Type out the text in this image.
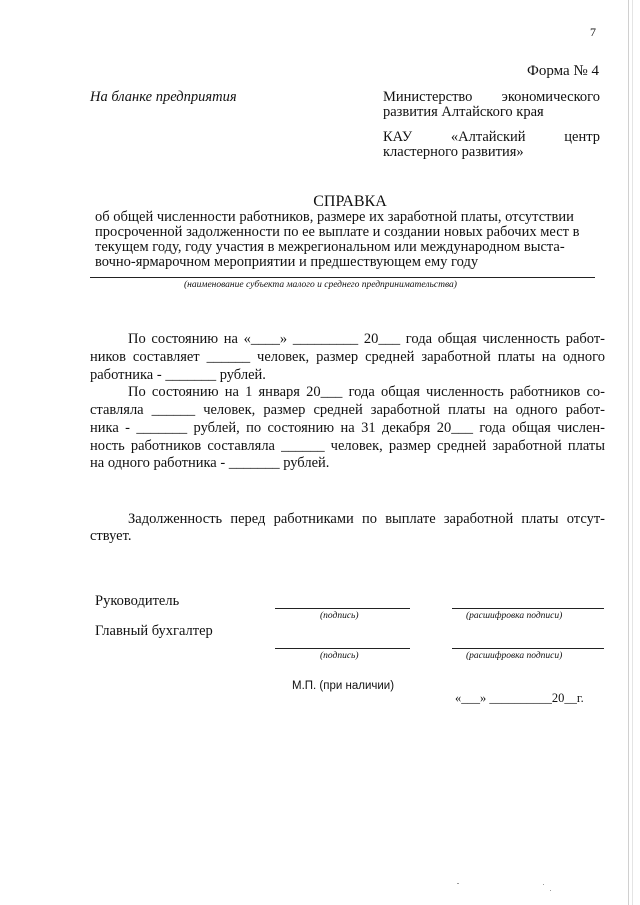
7
Форма № 4
На бланке предприятия	Министерство экономического
развития Алтайского края
КАУ «Алтайский центр
кластерного развития»
СПРАВКА
об общей численности работников, размере их заработной платы, отсутствии
просроченной задолженности по ее выплате и создании новых рабочих мест в
текущем году, году участия в межрегиональном или международном выста-
вочно-ярмарочном мероприятии и предшествующем ему году
(наименование субъекта малого и среднего предпринимательства)
По состоянию на «____» _________ 20___ года общая численность работ-
ников составляет ______ человек, размер средней заработной платы на одного
работника - _______ рублей.
По состоянию на 1 января 20___ года общая численность работников со-
ставляла ______ человек, размер средней заработной платы на одного работ-
ника - _______ рублей, по состоянию на 31 декабря 20___ года общая числен-
ность работников составляла ______ человек, размер средней заработной платы
на одного работника - _______ рублей.
Задолженность перед работниками по выплате заработной платы отсут-
ствует.
Руководитель
(подпись)	(расшифровка подписи)
Главный бухгалтер
(подпись)	(расшифровка подписи)
М.П. (при наличии)
«___» __________20__г.
